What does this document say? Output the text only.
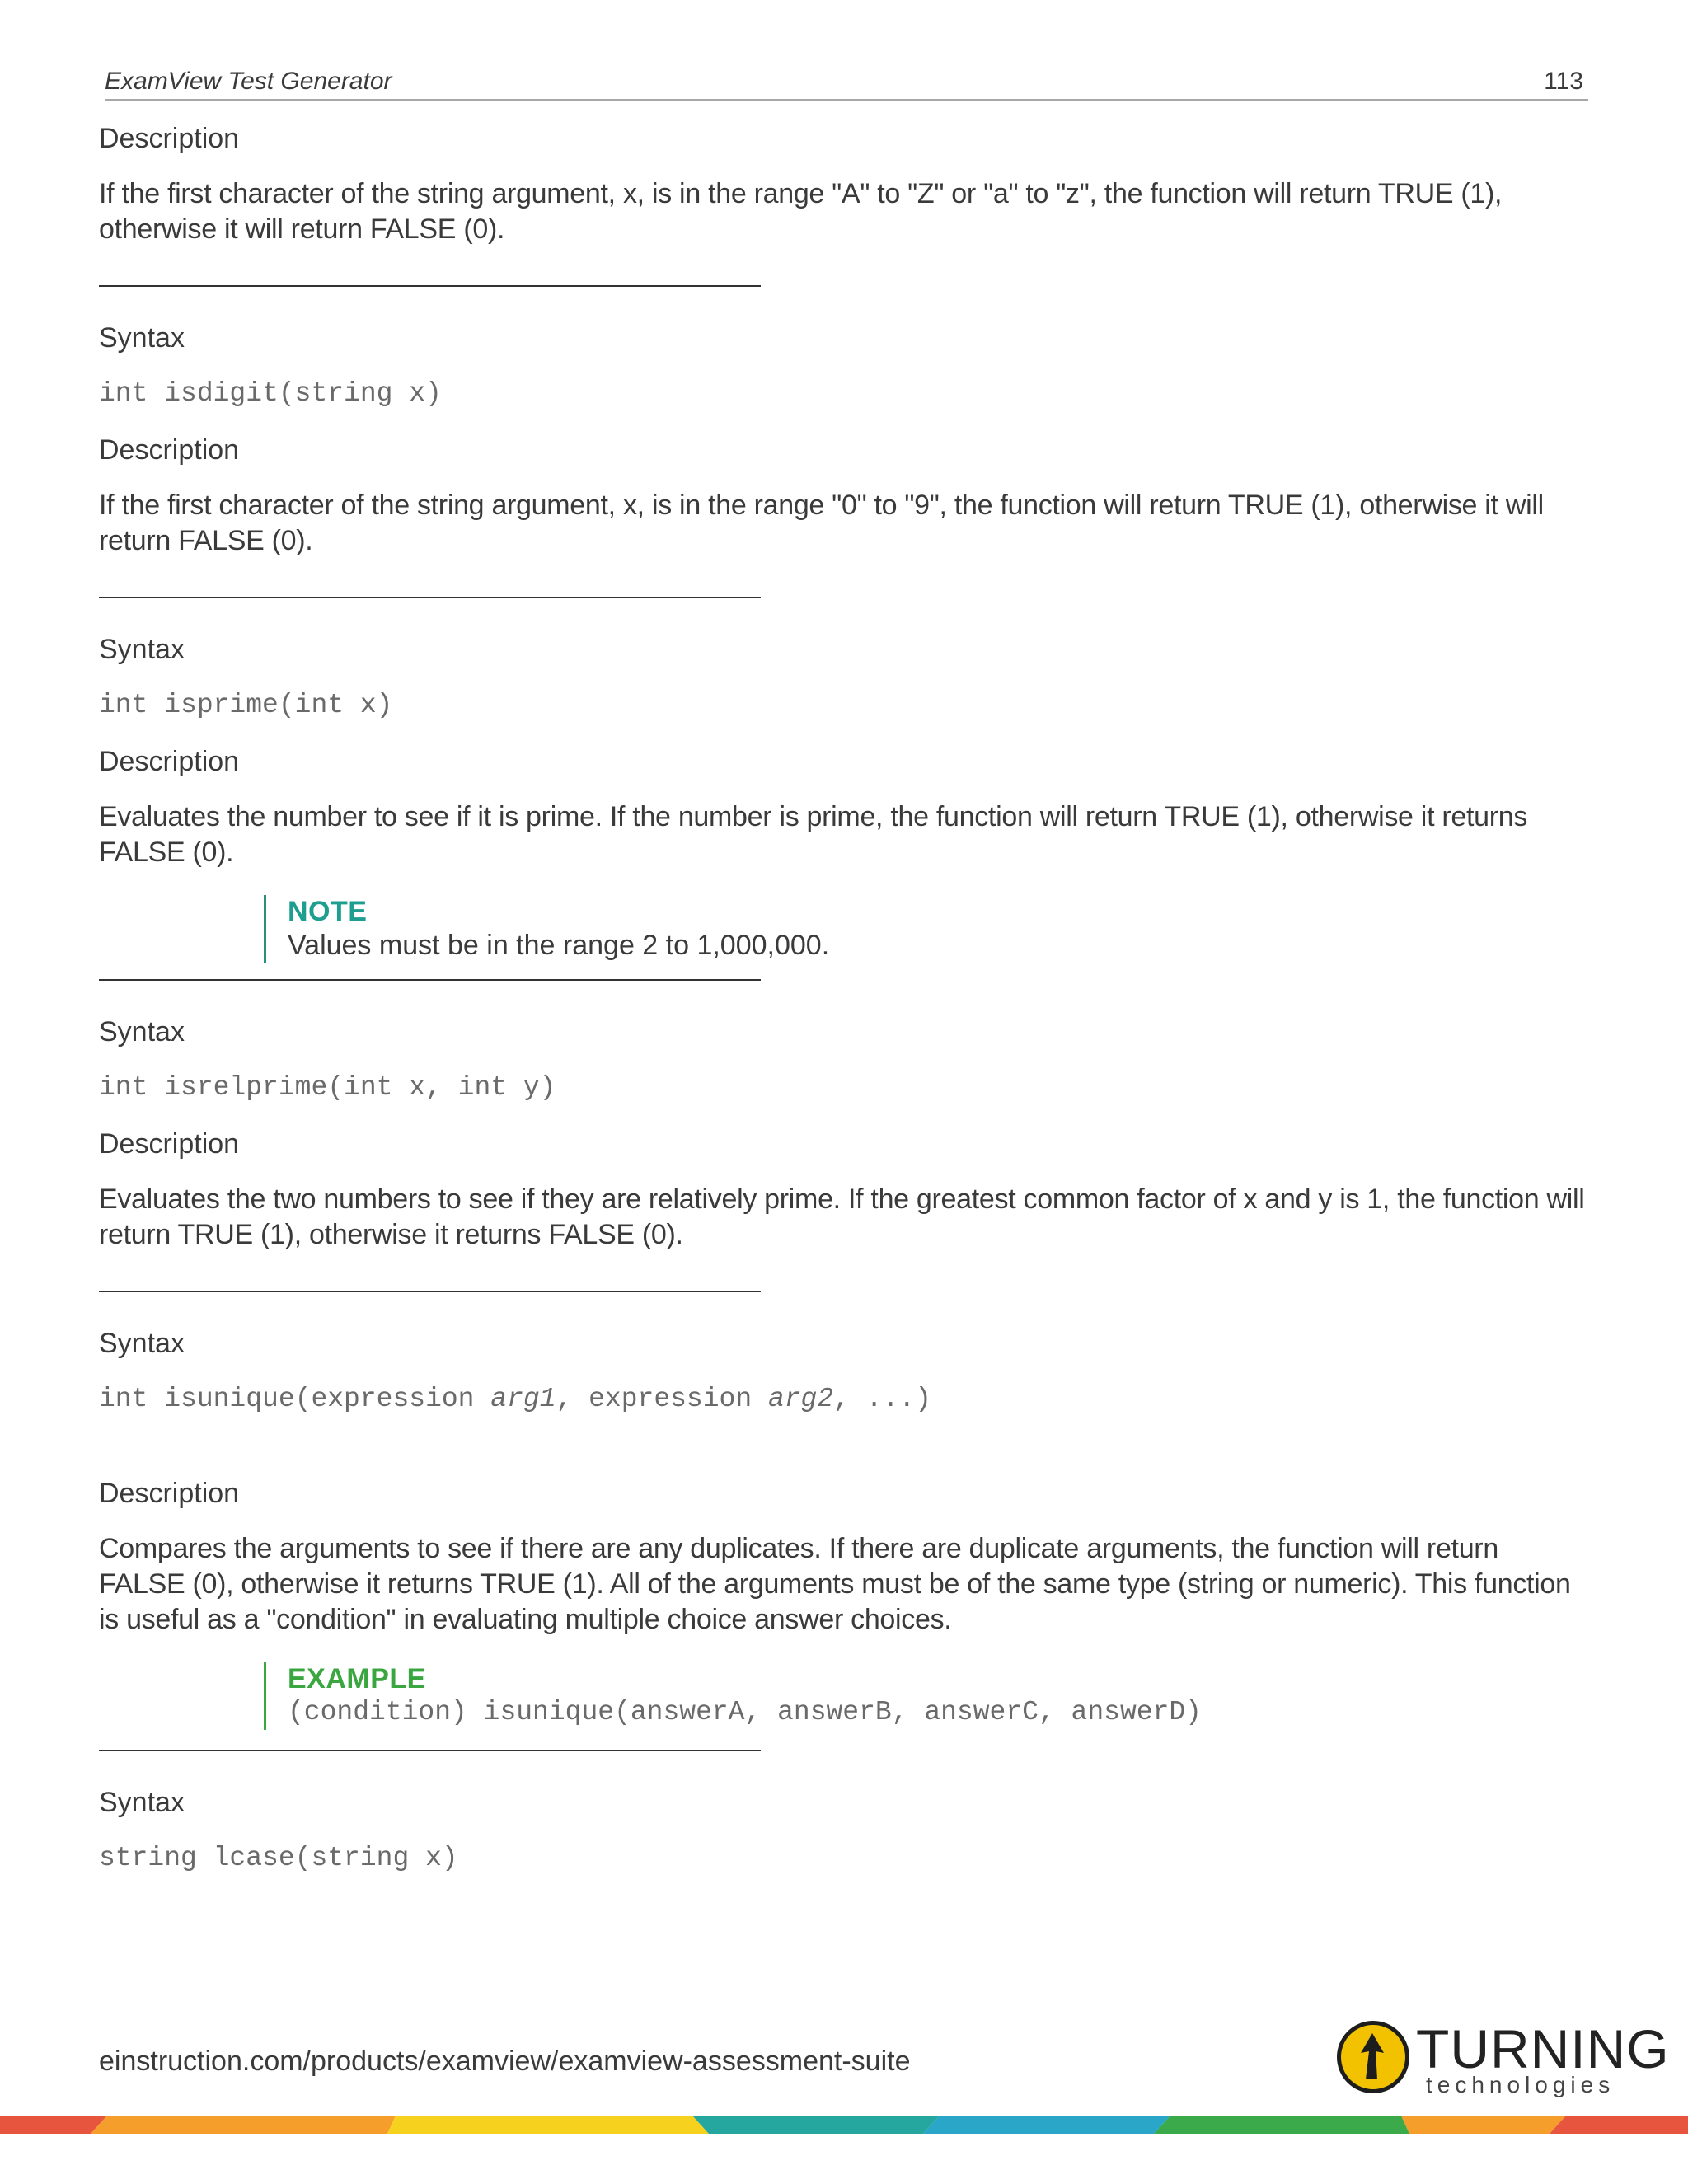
ExamView Test Generator	113

Description

If the first character of the string argument, x, is in the range "A" to "Z" or "a" to "z", the function will return TRUE (1), otherwise it will return FALSE (0).

Syntax

int isdigit(string x)

Description

If the first character of the string argument, x, is in the range "0" to "9", the function will return TRUE (1), otherwise it will return FALSE (0).

Syntax

int isprime(int x)

Description

Evaluates the number to see if it is prime. If the number is prime, the function will return TRUE (1), otherwise it returns FALSE (0).

NOTE
Values must be in the range 2 to 1,000,000.

Syntax

int isrelprime(int x, int y)

Description

Evaluates the two numbers to see if they are relatively prime. If the greatest common factor of x and y is 1, the function will return TRUE (1), otherwise it returns FALSE (0).

Syntax

int isunique(expression arg1, expression arg2, ...)

Description

Compares the arguments to see if there are any duplicates. If there are duplicate arguments, the function will return FALSE (0), otherwise it returns TRUE (1). All of the arguments must be of the same type (string or numeric). This function is useful as a "condition" in evaluating multiple choice answer choices.

EXAMPLE
(condition) isunique(answerA, answerB, answerC, answerD)

Syntax

string lcase(string x)
einstruction.com/products/examview/examview-assessment-suite	TURNING
technologies
